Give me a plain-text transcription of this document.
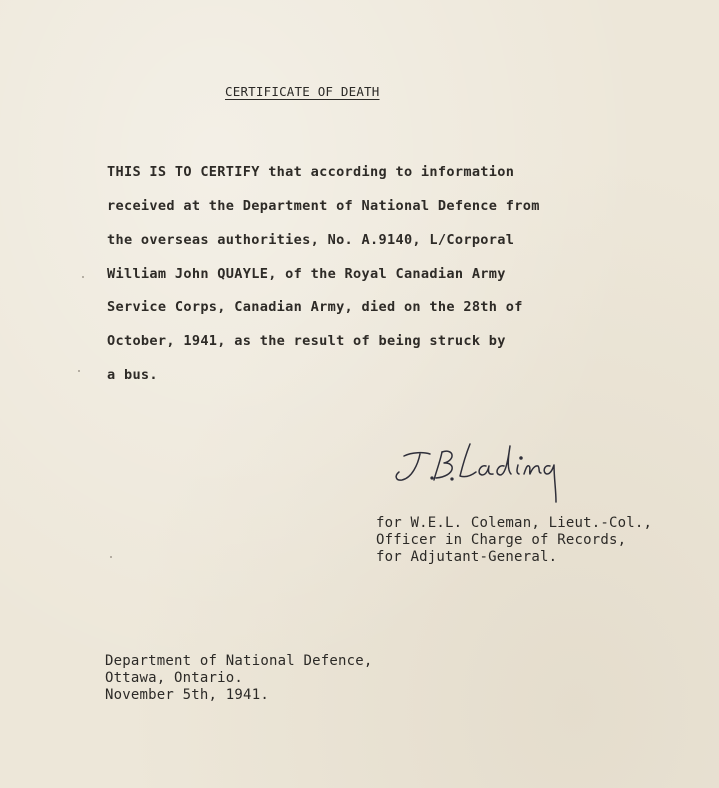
CERTIFICATE OF DEATH
THIS IS TO CERTIFY that according to information
received at the Department of National Defence from
the overseas authorities, No. A.9140, L/Corporal
William John QUAYLE, of the Royal Canadian Army
Service Corps, Canadian Army, died on the 28th of
October, 1941, as the result of being struck by
a bus.
for W.E.L. Coleman, Lieut.-Col.,
Officer in Charge of Records,
for Adjutant-General.
Department of National Defence,
Ottawa, Ontario.
November 5th, 1941.
